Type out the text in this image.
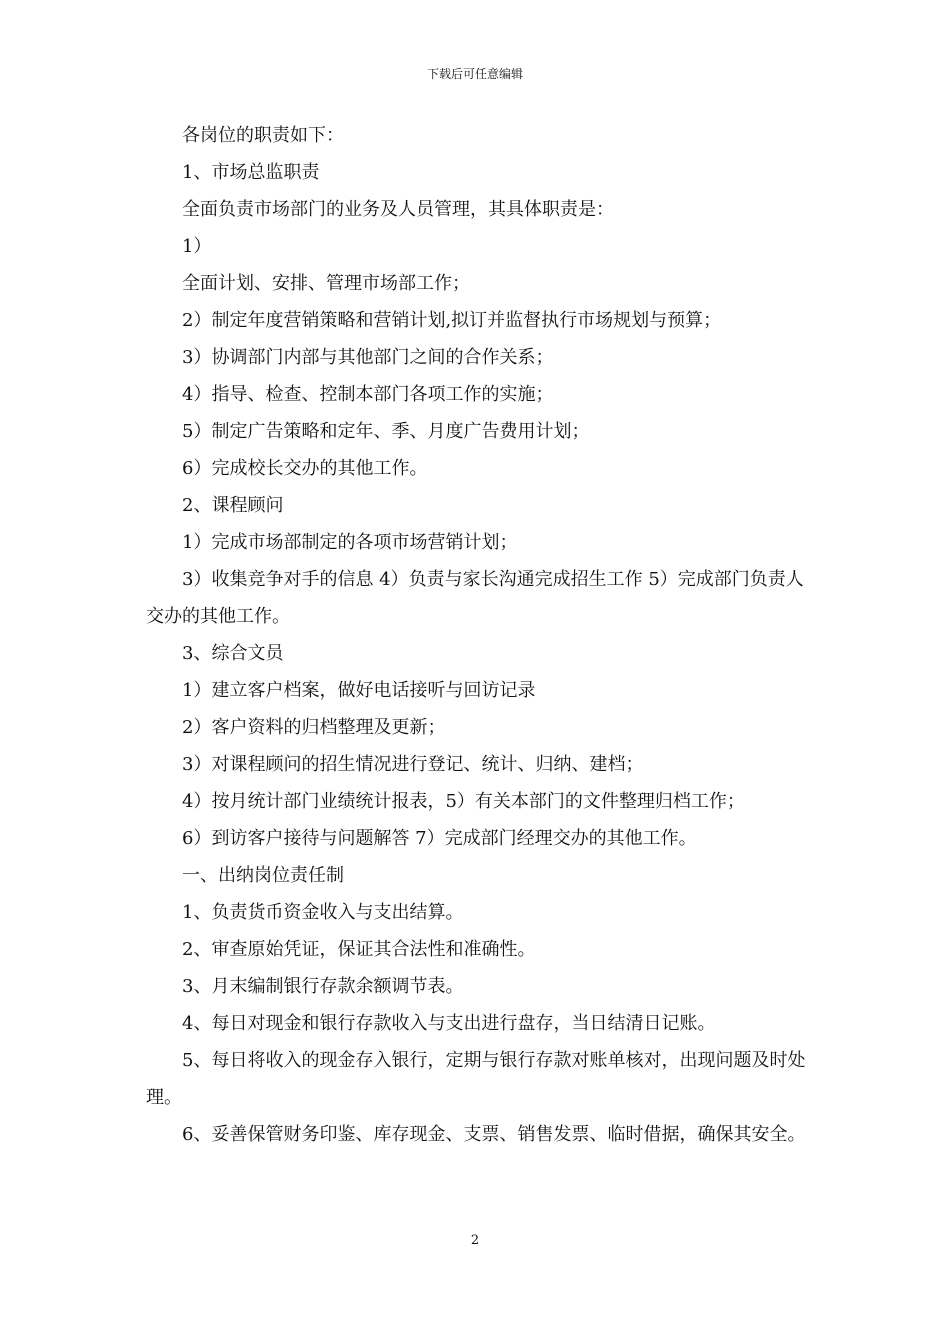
下载后可任意编辑

各岗位的职责如下：

1、市场总监职责

全面负责市场部门的业务及人员管理，其具体职责是：

1）

全面计划、安排、管理市场部工作；

2）制定年度营销策略和营销计划,拟订并监督执行市场规划与预算；

3）协调部门内部与其他部门之间的合作关系；

4）指导、检查、控制本部门各项工作的实施；

5）制定广告策略和定年、季、月度广告费用计划；

6）完成校长交办的其他工作。

2、课程顾问

1）完成市场部制定的各项市场营销计划；

3）收集竞争对手的信息 4）负责与家长沟通完成招生工作 5）完成部门负责人交办的其他工作。

3、综合文员

1）建立客户档案，做好电话接听与回访记录

2）客户资料的归档整理及更新；

3）对课程顾问的招生情况进行登记、统计、归纳、建档；

4）按月统计部门业绩统计报表，5）有关本部门的文件整理归档工作；

6）到访客户接待与问题解答 7）完成部门经理交办的其他工作。

一、出纳岗位责任制

1、负责货币资金收入与支出结算。

2、审查原始凭证，保证其合法性和准确性。

3、月末编制银行存款余额调节表。

4、每日对现金和银行存款收入与支出进行盘存，当日结清日记账。

5、每日将收入的现金存入银行，定期与银行存款对账单核对，出现问题及时处理。

6、妥善保管财务印鉴、库存现金、支票、销售发票、临时借据，确保其安全。

2
